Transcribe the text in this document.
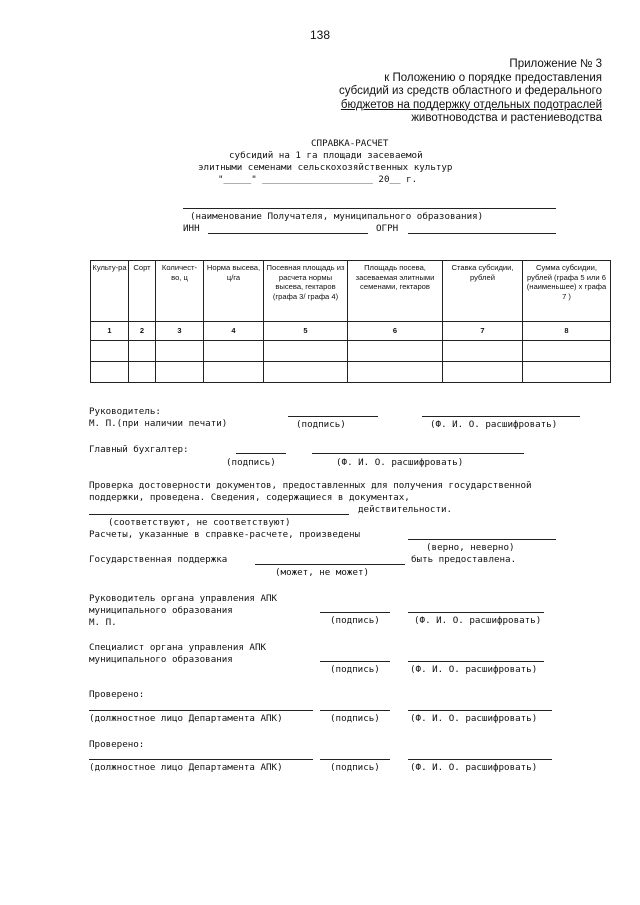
138
Приложение № 3
к Положению о порядке предоставления
субсидий из средств областного и федерального
бюджетов на поддержку отдельных подотраслей
животноводства и растениеводства
СПРАВКА-РАСЧЕТ
субсидий на 1 га площади засеваемой
элитными семенами сельскохозяйственных культур
"_____" ____________________ 20__ г.
(наименование Получателя, муниципального образования)
ИНН	ОГРН
Культу-ра	Сорт	Количест-во, ц	Норма высева, ц/га	Посевная площадь из расчета нормы высева, гектаров (графа 3/ графа 4)	Площадь посева, засеваемая элитными семенами, гектаров	Ставка субсидии, рублей	Сумма субсидии, рублей (графа 5 или 6 (наименьшее) х графа 7 )
1	2	3	4	5	6	7	8

Руководитель:
М. П.(при наличии печати)	(подпись)	(Ф. И. О. расшифровать)
Главный бухгалтер:
(подпись)	(Ф. И. О. расшифровать)
Проверка достоверности документов, предоставленных для получения государственной
поддержки, проведена. Сведения, содержащиеся в документах,
действительности.
(соответствуют, не соответствуют)
Расчеты, указанные в справке-расчете, произведены
(верно, неверно)
Государственная поддержка	быть предоставлена.
(может, не может)
Руководитель органа управления АПК
муниципального образования
М. П.	(подпись)	(Ф. И. О. расшифровать)
Специалист органа управления АПК
муниципального образования
(подпись)	(Ф. И. О. расшифровать)
Проверено:
(должностное лицо Департамента АПК)	(подпись)	(Ф. И. О. расшифровать)
Проверено:
(должностное лицо Департамента АПК)	(подпись)	(Ф. И. О. расшифровать)
